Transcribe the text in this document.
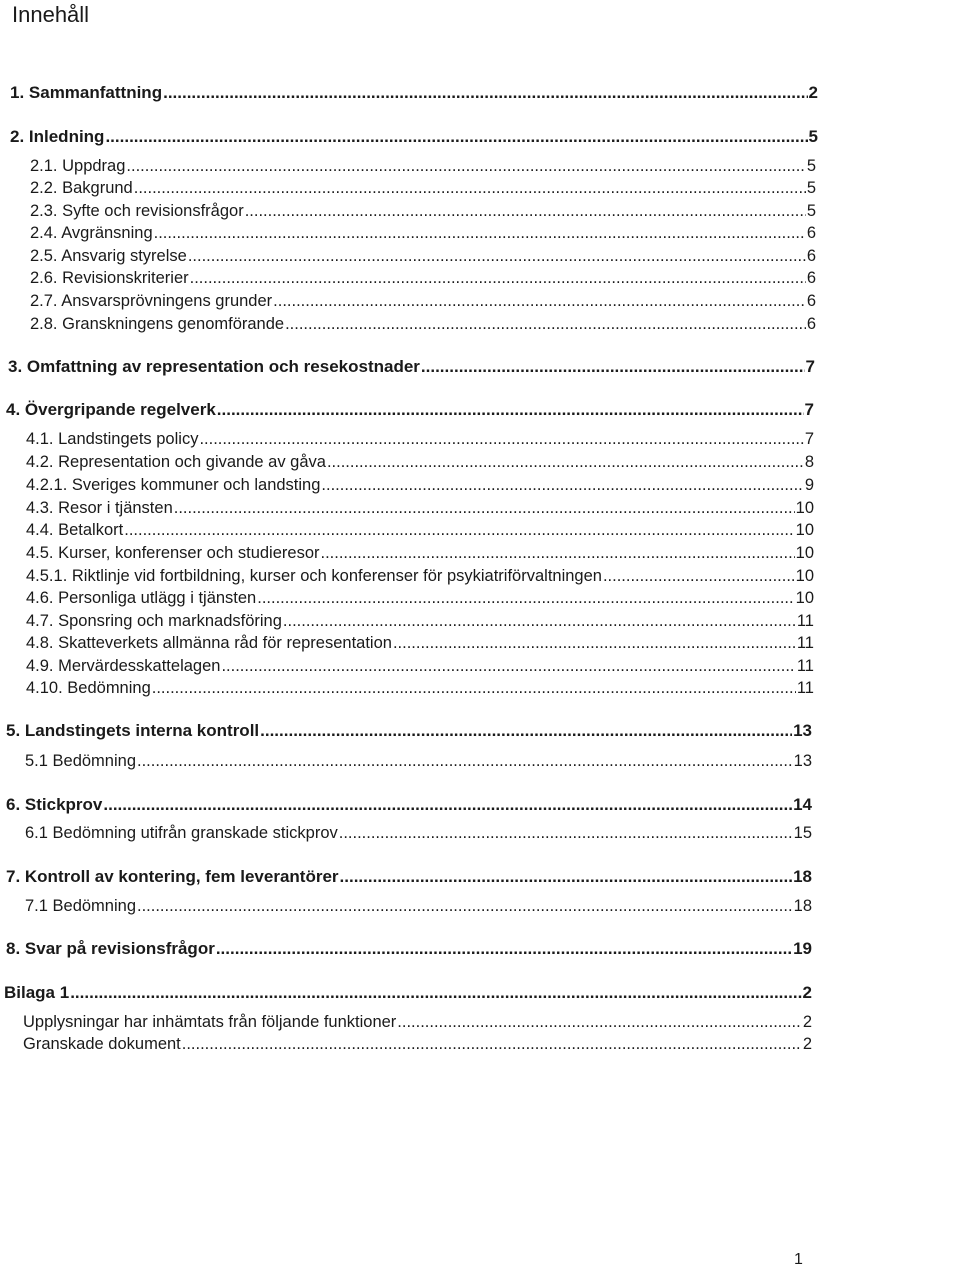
Innehåll
1. Sammanfattning .....	2
2. Inledning .....	5
2.1. Uppdrag .....	5
2.2. Bakgrund .....	5
2.3. Syfte och revisionsfrågor .....	5
2.4. Avgränsning .....	6
2.5. Ansvarig styrelse .....	6
2.6. Revisionskriterier .....	6
2.7. Ansvarsprövningens grunder .....	6
2.8. Granskningens genomförande .....	6
3. Omfattning av representation och resekostnader .....	7
4. Övergripande regelverk .....	7
4.1. Landstingets policy .....	7
4.2. Representation och givande av gåva .....	8
4.2.1. Sveriges kommuner och landsting .....	9
4.3. Resor i tjänsten .....	10
4.4. Betalkort .....	10
4.5. Kurser, konferenser och studieresor .....	10
4.5.1. Riktlinje vid fortbildning, kurser och konferenser för psykiatriförvaltningen .....	10
4.6. Personliga utlägg i tjänsten .....	10
4.7. Sponsring och marknadsföring .....	11
4.8. Skatteverkets allmänna råd för representation .....	11
4.9. Mervärdesskattelagen .....	11
4.10. Bedömning .....	11
5. Landstingets interna kontroll .....	13
5.1 Bedömning .....	13
6. Stickprov .....	14
6.1 Bedömning utifrån granskade stickprov .....	15
7. Kontroll av kontering, fem leverantörer .....	18
7.1 Bedömning .....	18
8. Svar på revisionsfrågor .....	19
Bilaga 1 .....	2
Upplysningar har inhämtats från följande funktioner .....	2
Granskade dokument .....	2
1
